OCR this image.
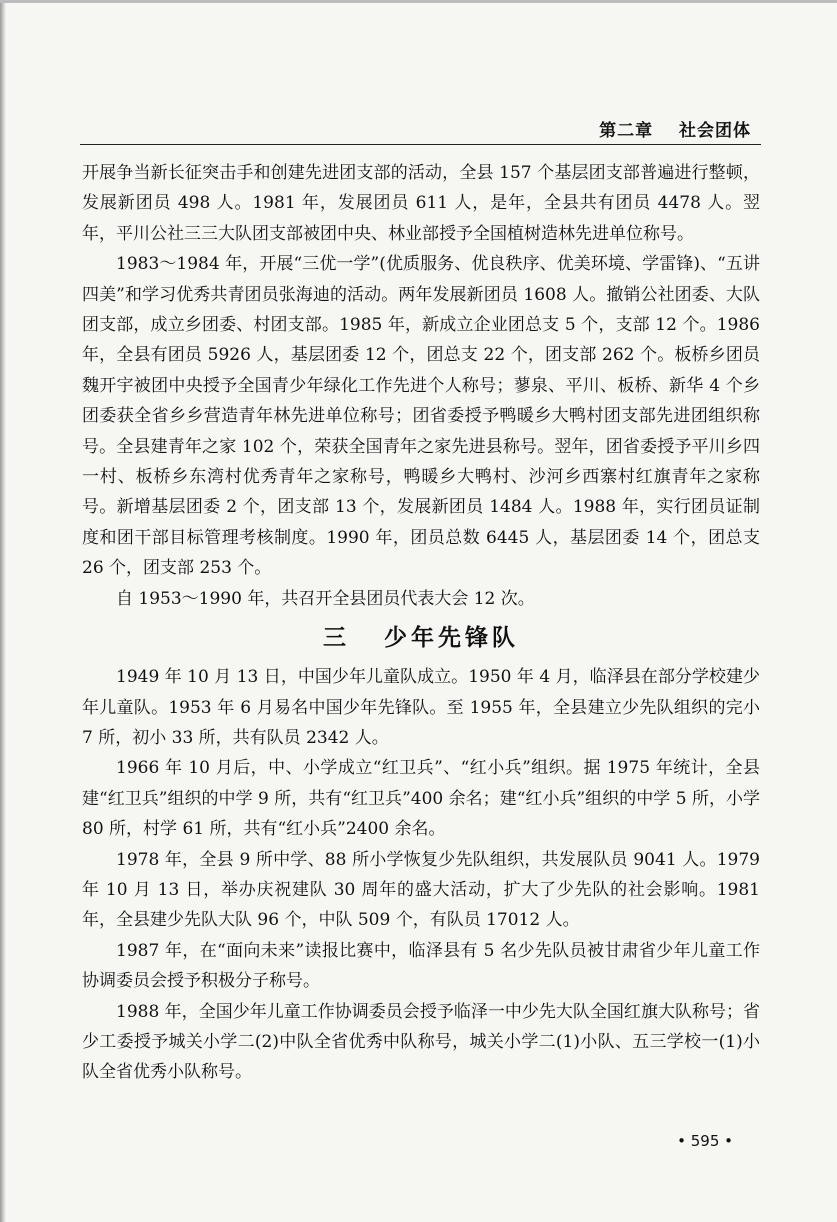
第二章 社会团体

开展争当新长征突击手和创建先进团支部的活动，全县 157 个基层团支部普遍进行整顿，发展新团员 498 人。1981 年，发展团员 611 人，是年，全县共有团员 4478 人。翌年，平川公社三三大队团支部被团中央、林业部授予全国植树造林先进单位称号。

1983～1984 年，开展“三优一学”(优质服务、优良秩序、优美环境、学雷锋)、“五讲四美”和学习优秀共青团员张海迪的活动。两年发展新团员 1608 人。撤销公社团委、大队团支部，成立乡团委、村团支部。1985 年，新成立企业团总支 5 个，支部 12 个。1986 年，全县有团员 5926 人，基层团委 12 个，团总支 22 个，团支部 262 个。板桥乡团员魏开宇被团中央授予全国青少年绿化工作先进个人称号；蓼泉、平川、板桥、新华 4 个乡团委获全省乡乡营造青年林先进单位称号；团省委授予鸭暖乡大鸭村团支部先进团组织称号。全县建青年之家 102 个，荣获全国青年之家先进县称号。翌年，团省委授予平川乡四一村、板桥乡东湾村优秀青年之家称号，鸭暖乡大鸭村、沙河乡西寨村红旗青年之家称号。新增基层团委 2 个，团支部 13 个，发展新团员 1484 人。1988 年，实行团员证制度和团干部目标管理考核制度。1990 年，团员总数 6445 人，基层团委 14 个，团总支 26 个，团支部 253 个。

自 1953～1990 年，共召开全县团员代表大会 12 次。

三 少年先锋队

1949 年 10 月 13 日，中国少年儿童队成立。1950 年 4 月，临泽县在部分学校建少年儿童队。1953 年 6 月易名中国少年先锋队。至 1955 年，全县建立少先队组织的完小 7 所，初小 33 所，共有队员 2342 人。

1966 年 10 月后，中、小学成立“红卫兵”、“红小兵”组织。据 1975 年统计，全县建“红卫兵”组织的中学 9 所，共有“红卫兵”400 余名；建“红小兵”组织的中学 5 所，小学 80 所，村学 61 所，共有“红小兵”2400 余名。

1978 年，全县 9 所中学、88 所小学恢复少先队组织，共发展队员 9041 人。1979 年 10 月 13 日，举办庆祝建队 30 周年的盛大活动，扩大了少先队的社会影响。1981 年，全县建少先队大队 96 个，中队 509 个，有队员 17012 人。

1987 年，在“面向未来”读报比赛中，临泽县有 5 名少先队员被甘肃省少年儿童工作协调委员会授予积极分子称号。

1988 年，全国少年儿童工作协调委员会授予临泽一中少先大队全国红旗大队称号；省少工委授予城关小学二(2)中队全省优秀中队称号，城关小学二(1)小队、五三学校一(1)小队全省优秀小队称号。

• 595 •
